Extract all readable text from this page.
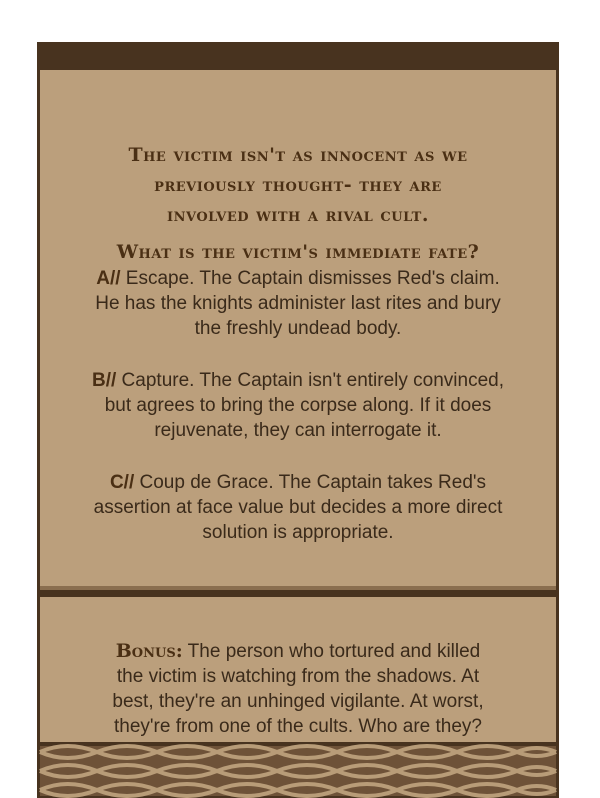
The victim isn't as innocent as we
previously thought- they are
involved with a rival cult.
What is the victim's immediate fate?
A// Escape. The Captain dismisses Red's claim.
He has the knights administer last rites and bury
the freshly undead body.
B// Capture. The Captain isn't entirely convinced,
but agrees to bring the corpse along. If it does
rejuvenate, they can interrogate it.
C// Coup de Grace. The Captain takes Red's
assertion at face value but decides a more direct
solution is appropriate.
Bonus: The person who tortured and killed
the victim is watching from the shadows. At
best, they're an unhinged vigilante. At worst,
they're from one of the cults. Who are they?
